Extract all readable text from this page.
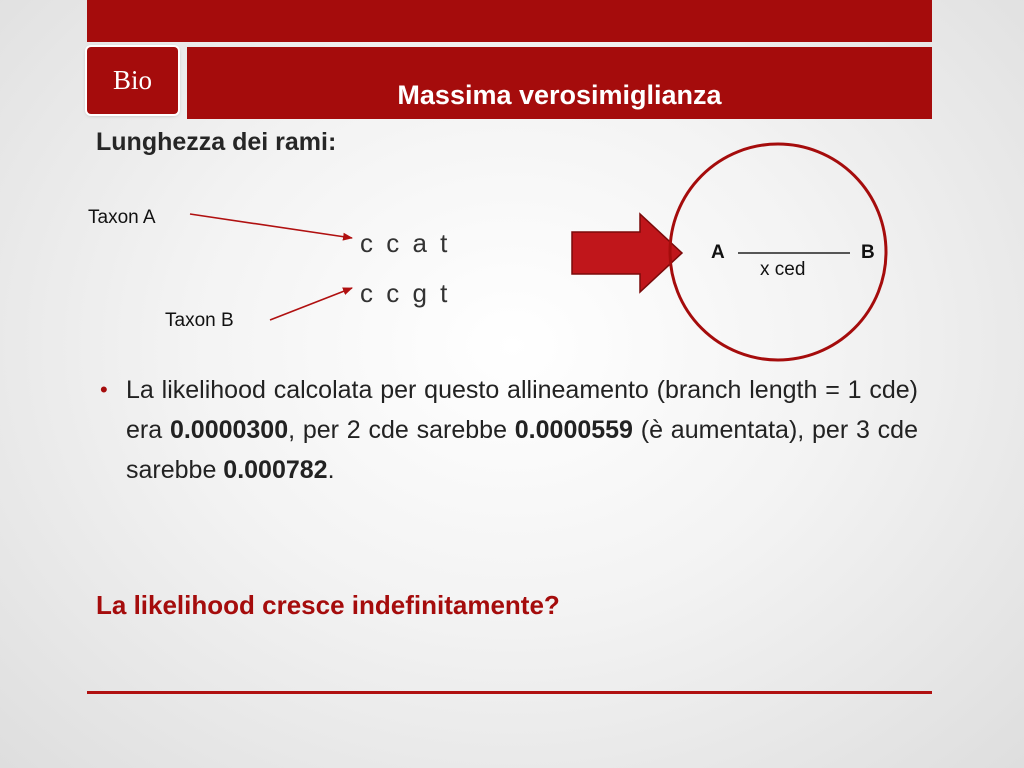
Bio	Massima verosimiglianza
Lunghezza dei rami:
Taxon A
Taxon B
c c a t
c c g t
A	B
x ced
• La likelihood calcolata per questo allineamento (branch length = 1 cde) era 0.0000300, per 2 cde sarebbe 0.0000559 (è aumentata), per 3 cde sarebbe 0.000782.
La likelihood cresce indefinitamente?
